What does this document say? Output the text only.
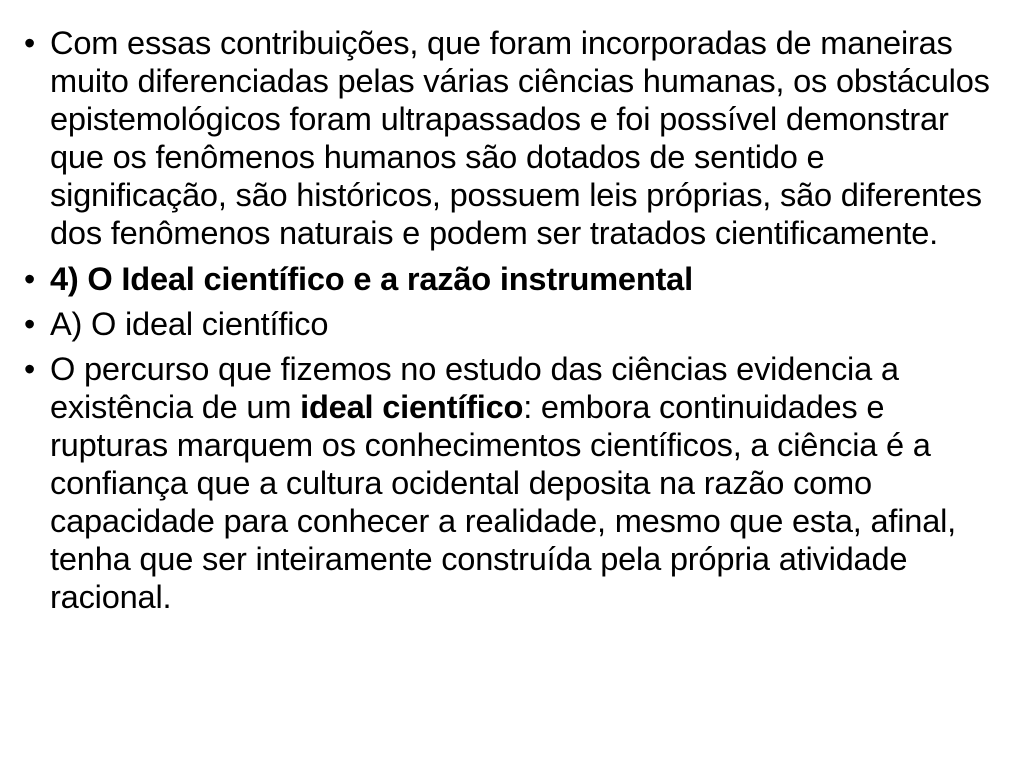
• Com essas contribuições, que foram incorporadas de maneiras muito diferenciadas pelas várias ciências humanas, os obstáculos epistemológicos foram ultrapassados e foi possível demonstrar que os fenômenos humanos são dotados de sentido e significação, são históricos, possuem leis próprias, são diferentes dos fenômenos naturais e podem ser tratados cientificamente.
• 4) O Ideal científico e a razão instrumental
• A) O ideal científico
• O percurso que fizemos no estudo das ciências evidencia a existência de um ideal científico: embora continuidades e rupturas marquem os conhecimentos científicos, a ciência é a confiança que a cultura ocidental deposita na razão como capacidade para conhecer a realidade, mesmo que esta, afinal, tenha que ser inteiramente construída pela própria atividade racional.
